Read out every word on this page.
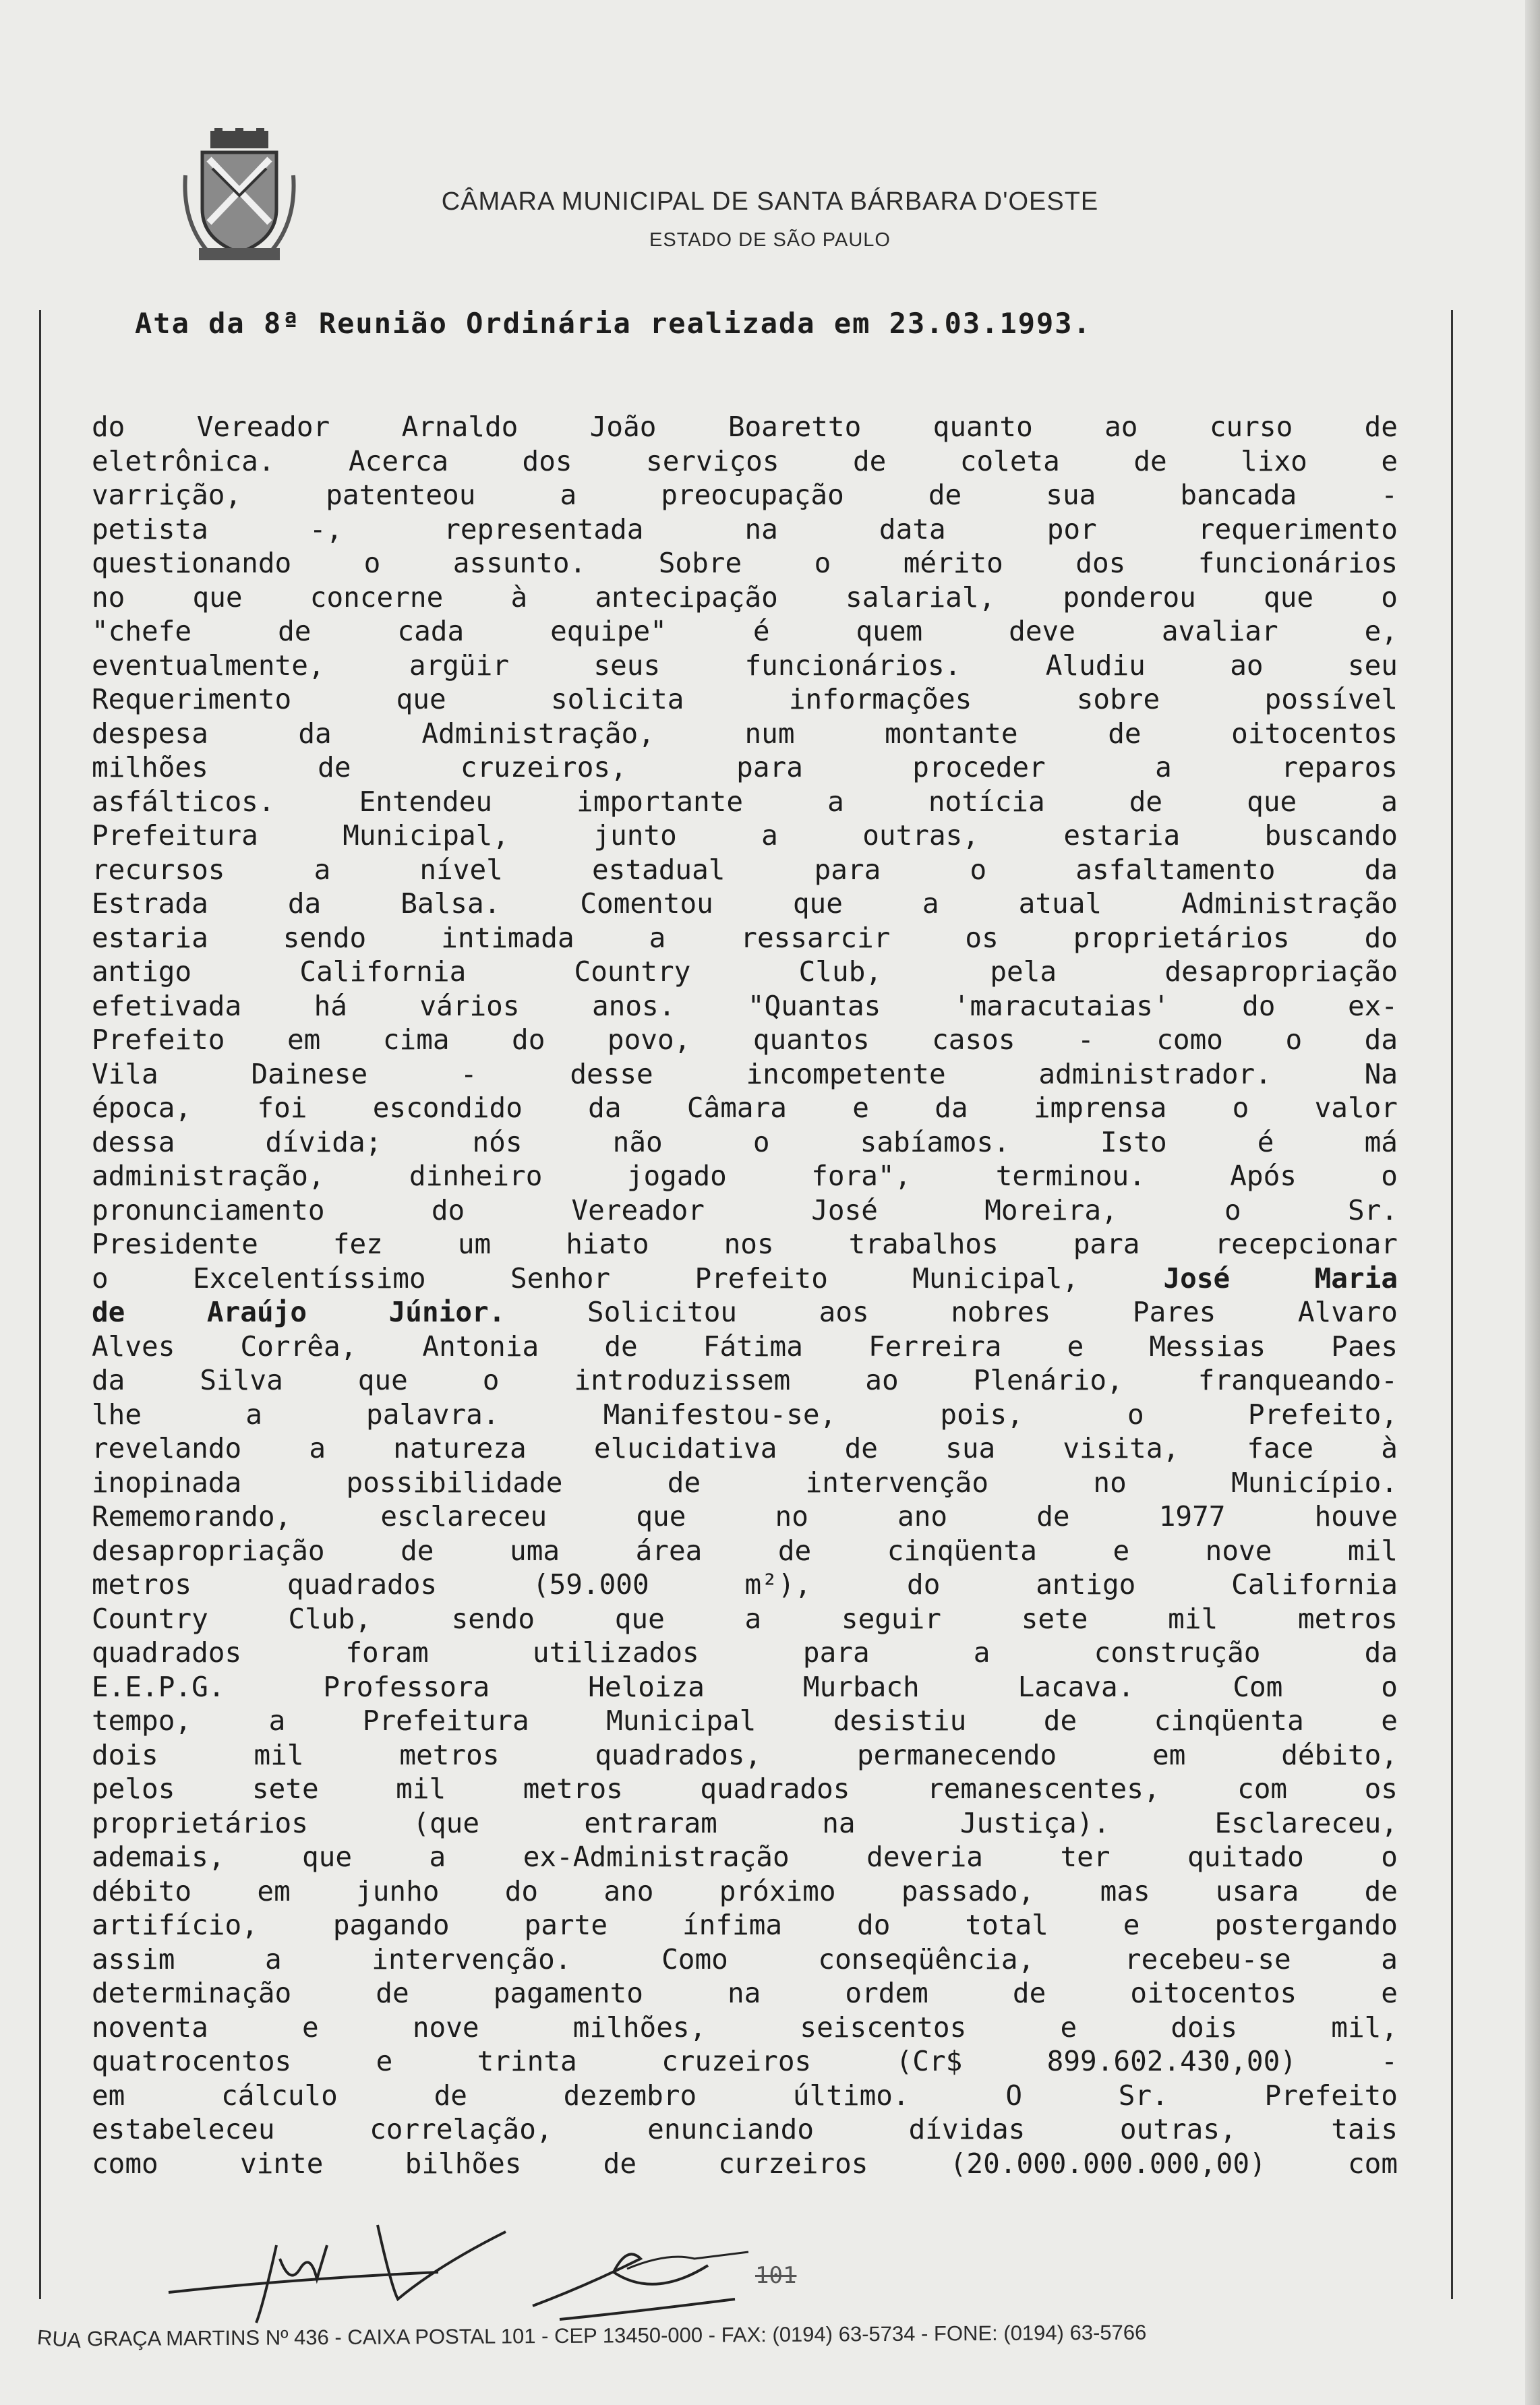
CÂMARA MUNICIPAL DE SANTA BÁRBARA D'OESTE
ESTADO DE SÃO PAULO
Ata da 8ª Reunião Ordinária realizada em 23.03.1993.
do Vereador Arnaldo João Boaretto quanto ao curso de
eletrônica. Acerca dos serviços de coleta de lixo e
varrição, patenteou a preocupação de sua bancada -
petista -, representada na data por requerimento
questionando o assunto. Sobre o mérito dos funcionários
no que concerne à antecipação salarial, ponderou que o
"chefe de cada equipe" é quem deve avaliar e,
eventualmente, argüir seus funcionários. Aludiu ao seu
Requerimento que solicita informações sobre possível
despesa da Administração, num montante de oitocentos
milhões de cruzeiros, para proceder a reparos
asfálticos. Entendeu importante a notícia de que a
Prefeitura Municipal, junto a outras, estaria buscando
recursos a nível estadual para o asfaltamento da
Estrada da Balsa. Comentou que a atual Administração
estaria sendo intimada a ressarcir os proprietários do
antigo California Country Club, pela desapropriação
efetivada há vários anos. "Quantas 'maracutaias' do ex-
Prefeito em cima do povo, quantos casos - como o da
Vila Dainese - desse incompetente administrador. Na
época, foi escondido da Câmara e da imprensa o valor
dessa dívida; nós não o sabíamos. Isto é má
administração, dinheiro jogado fora", terminou. Após o
pronunciamento do Vereador José Moreira, o Sr.
Presidente fez um hiato nos trabalhos para recepcionar
o Excelentíssimo Senhor Prefeito Municipal, José Maria
de Araújo Júnior. Solicitou aos nobres Pares Alvaro
Alves Corrêa, Antonia de Fátima Ferreira e Messias Paes
da Silva que o introduzissem ao Plenário, franqueando-
lhe a palavra. Manifestou-se, pois, o Prefeito,
revelando a natureza elucidativa de sua visita, face à
inopinada possibilidade de intervenção no Município.
Rememorando, esclareceu que no ano de 1977 houve
desapropriação de uma área de cinqüenta e nove mil
metros quadrados (59.000 m²), do antigo California
Country Club, sendo que a seguir sete mil metros
quadrados foram utilizados para a construção da
E.E.P.G. Professora Heloiza Murbach Lacava. Com o
tempo, a Prefeitura Municipal desistiu de cinqüenta e
dois mil metros quadrados, permanecendo em débito,
pelos sete mil metros quadrados remanescentes, com os
proprietários (que entraram na Justiça). Esclareceu,
ademais, que a ex-Administração deveria ter quitado o
débito em junho do ano próximo passado, mas usara de
artifício, pagando parte ínfima do total e postergando
assim a intervenção. Como conseqüência, recebeu-se a
determinação de pagamento na ordem de oitocentos e
noventa e nove milhões, seiscentos e dois mil,
quatrocentos e trinta cruzeiros (Cr$ 899.602.430,00) -
em cálculo de dezembro último. O Sr. Prefeito
estabeleceu correlação, enunciando dívidas outras, tais
como vinte bilhões de curzeiros (20.000.000.000,00) com
101
RUA GRAÇA MARTINS Nº 436 - CAIXA POSTAL 101 - CEP 13450-000 - FAX: (0194) 63-5734 - FONE: (0194) 63-5766
